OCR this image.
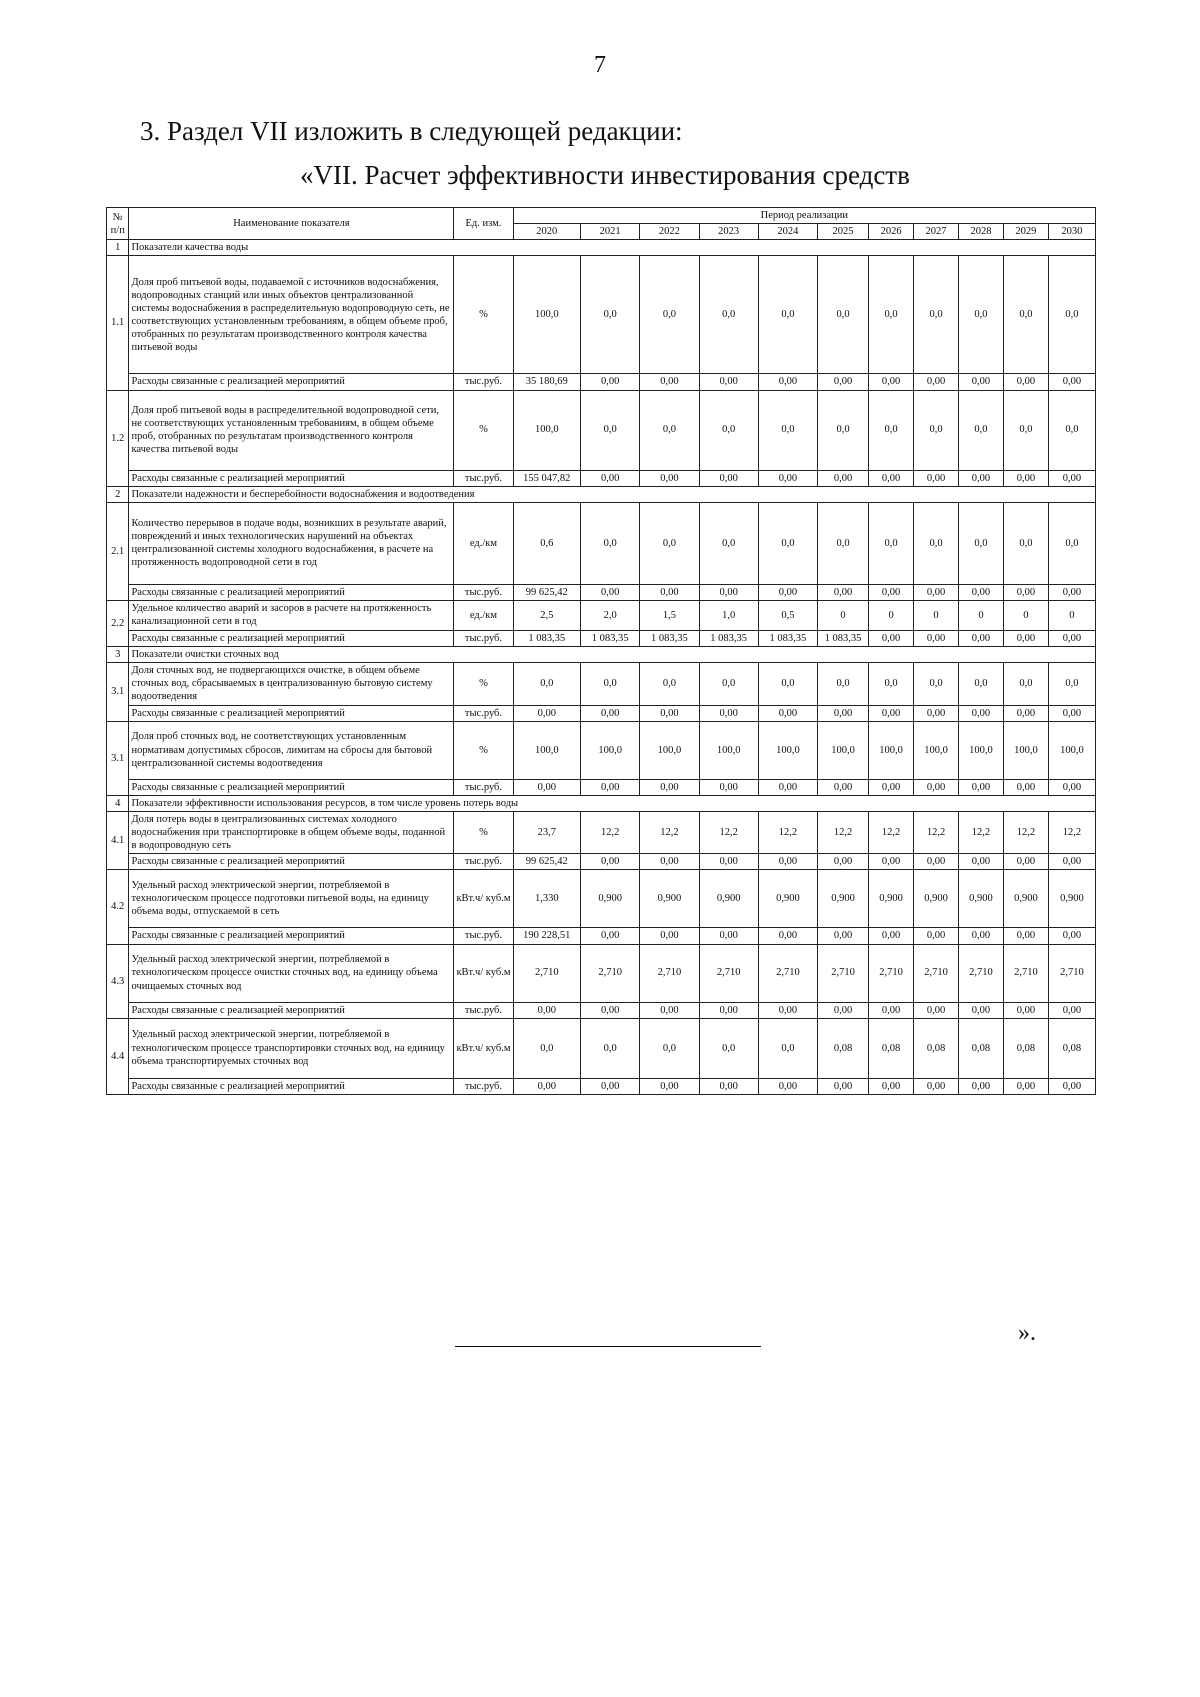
7
3. Раздел VII изложить в следующей редакции:
«VII. Расчет эффективности инвестирования средств
№ п/п	Наименование показателя	Ед. изм.	Период реализации										
			2020	2021	2022	2023	2024	2025	2026	2027	2028	2029	2030
1	Показатели качества воды												
1.1	Доля проб питьевой воды, подаваемой с источников водоснабжения, водопроводных станций или иных объектов централизованной системы водоснабжения в распределительную водопроводную сеть, не соответствующих установленным требованиям, в общем объеме проб, отобранных по результатам производственного контроля качества питьевой воды	%	100,0	0,0	0,0	0,0	0,0	0,0	0,0	0,0	0,0	0,0	0,0
	Расходы связанные с реализацией мероприятий	тыс.руб.	35 180,69	0,00	0,00	0,00	0,00	0,00	0,00	0,00	0,00	0,00	0,00
1.2	Доля проб питьевой воды в распределительной водопроводной сети, не соответствующих установленным требованиям, в общем объеме проб, отобранных по результатам производственного контроля качества питьевой воды	%	100,0	0,0	0,0	0,0	0,0	0,0	0,0	0,0	0,0	0,0	0,0
	Расходы связанные с реализацией мероприятий	тыс.руб.	155 047,82	0,00	0,00	0,00	0,00	0,00	0,00	0,00	0,00	0,00	0,00
2	Показатели надежности и бесперебойности водоснабжения и водоотведения												
2.1	Количество перерывов в подаче воды, возникших в результате аварий, повреждений и иных технологических нарушений на объектах централизованной системы холодного водоснабжения, в расчете на протяженность водопроводной сети в год	ед./км	0,6	0,0	0,0	0,0	0,0	0,0	0,0	0,0	0,0	0,0	0,0
	Расходы связанные с реализацией мероприятий	тыс.руб.	99 625,42	0,00	0,00	0,00	0,00	0,00	0,00	0,00	0,00	0,00	0,00
2.2	Удельное количество аварий и засоров в расчете на протяженность канализационной сети в год	ед./км	2,5	2,0	1,5	1,0	0,5	0	0	0	0	0	0
	Расходы связанные с реализацией мероприятий	тыс.руб.	1 083,35	1 083,35	1 083,35	1 083,35	1 083,35	1 083,35	0,00	0,00	0,00	0,00	0,00
3	Показатели очистки сточных вод												
3.1	Доля сточных вод, не подвергающихся очистке, в общем объеме сточных вод, сбрасываемых в централизованную бытовую систему водоотведения	%	0,0	0,0	0,0	0,0	0,0	0,0	0,0	0,0	0,0	0,0	0,0
	Расходы связанные с реализацией мероприятий	тыс.руб.	0,00	0,00	0,00	0,00	0,00	0,00	0,00	0,00	0,00	0,00	0,00
3.1	Доля проб сточных вод, не соответствующих установленным нормативам допустимых сбросов, лимитам на сбросы для бытовой централизованной системы водоотведения	%	100,0	100,0	100,0	100,0	100,0	100,0	100,0	100,0	100,0	100,0	100,0
	Расходы связанные с реализацией мероприятий	тыс.руб.	0,00	0,00	0,00	0,00	0,00	0,00	0,00	0,00	0,00	0,00	0,00
4	Показатели эффективности использования ресурсов, в том числе уровень потерь воды												
4.1	Доля потерь воды в централизованных системах холодного водоснабжения при транспортировке в общем объеме воды, поданной в водопроводную сеть	%	23,7	12,2	12,2	12,2	12,2	12,2	12,2	12,2	12,2	12,2	12,2
	Расходы связанные с реализацией мероприятий	тыс.руб.	99 625,42	0,00	0,00	0,00	0,00	0,00	0,00	0,00	0,00	0,00	0,00
4.2	Удельный расход электрической энергии, потребляемой в технологическом процессе подготовки питьевой воды, на единицу объема воды, отпускаемой в сеть	кВт.ч/ куб.м	1,330	0,900	0,900	0,900	0,900	0,900	0,900	0,900	0,900	0,900	0,900
	Расходы связанные с реализацией мероприятий	тыс.руб.	190 228,51	0,00	0,00	0,00	0,00	0,00	0,00	0,00	0,00	0,00	0,00
4.3	Удельный расход электрической энергии, потребляемой в технологическом процессе очистки сточных вод, на единицу объема очищаемых сточных вод	кВт.ч/ куб.м	2,710	2,710	2,710	2,710	2,710	2,710	2,710	2,710	2,710	2,710	2,710
	Расходы связанные с реализацией мероприятий	тыс.руб.	0,00	0,00	0,00	0,00	0,00	0,00	0,00	0,00	0,00	0,00	0,00
4.4	Удельный расход электрической энергии, потребляемой в технологическом процессе транспортировки сточных вод, на единицу объема транспортируемых сточных вод	кВт.ч/ куб.м	0,0	0,0	0,0	0,0	0,0	0,08	0,08	0,08	0,08	0,08	0,08
	Расходы связанные с реализацией мероприятий	тыс.руб.	0,00	0,00	0,00	0,00	0,00	0,00	0,00	0,00	0,00	0,00	0,00
».
